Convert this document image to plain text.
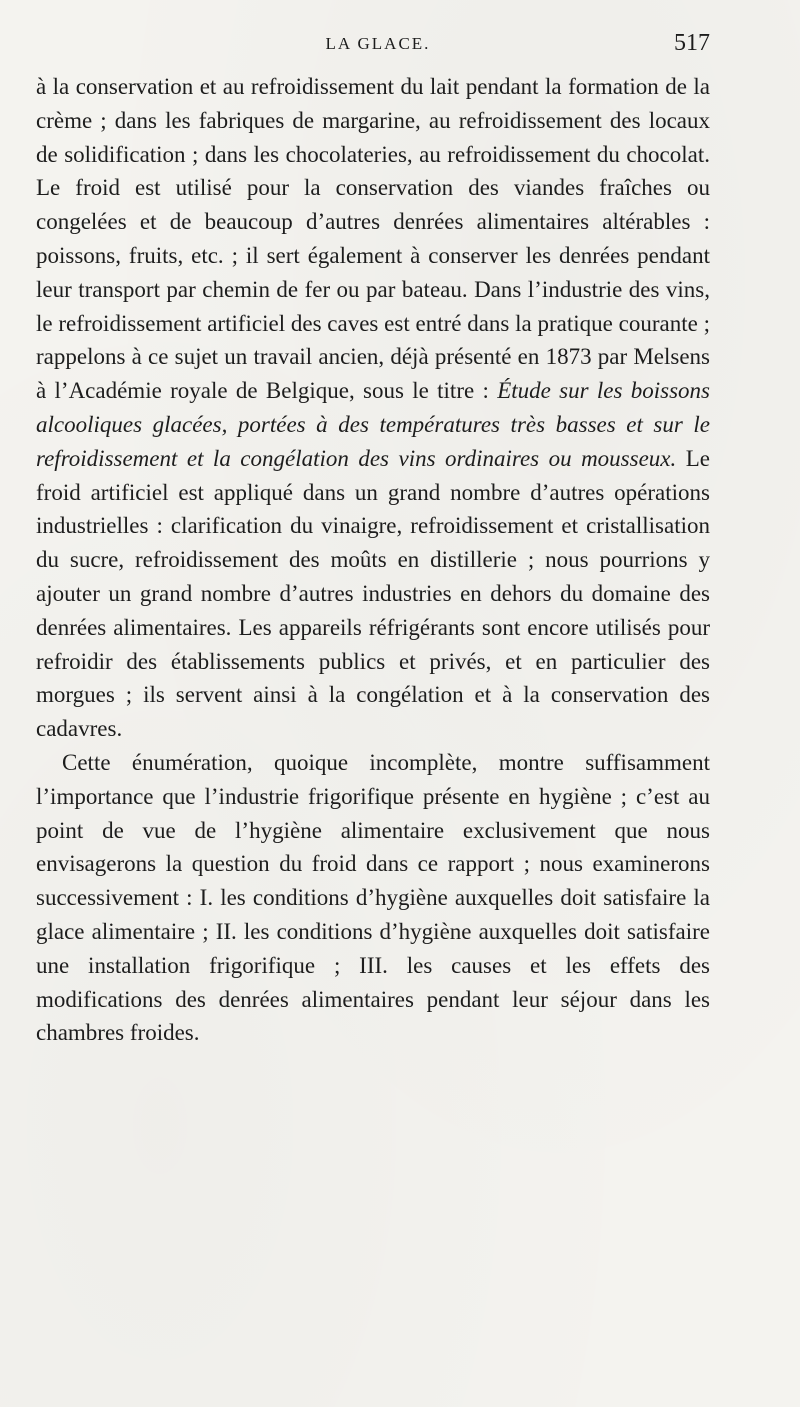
LA GLACE.	517

à la conservation et au refroidissement du lait pendant la formation de la crème ; dans les fabriques de margarine, au refroidissement des locaux de solidification ; dans les chocolateries, au refroidissement du chocolat. Le froid est utilisé pour la conservation des viandes fraîches ou congelées et de beaucoup d’autres denrées alimentaires altérables : poissons, fruits, etc. ; il sert également à conserver les denrées pendant leur transport par chemin de fer ou par bateau. Dans l’industrie des vins, le refroidissement artificiel des caves est entré dans la pratique courante ; rappelons à ce sujet un travail ancien, déjà présenté en 1873 par Melsens à l’Académie royale de Belgique, sous le titre : Étude sur les boissons alcooliques glacées, portées à des températures très basses et sur le refroidissement et la congélation des vins ordinaires ou mousseux. Le froid artificiel est appliqué dans un grand nombre d’autres opérations industrielles : clarification du vinaigre, refroidissement et cristallisation du sucre, refroidissement des moûts en distillerie ; nous pourrions y ajouter un grand nombre d’autres industries en dehors du domaine des denrées alimentaires. Les appareils réfrigérants sont encore utilisés pour refroidir des établissements publics et privés, et en particulier des morgues ; ils servent ainsi à la congélation et à la conservation des cadavres.

Cette énumération, quoique incomplète, montre suffisamment l’importance que l’industrie frigorifique présente en hygiène ; c’est au point de vue de l’hygiène alimentaire exclusivement que nous envisagerons la question du froid dans ce rapport ; nous examinerons successivement : I. les conditions d’hygiène auxquelles doit satisfaire la glace alimentaire ; II. les conditions d’hygiène auxquelles doit satisfaire une installation frigorifique ; III. les causes et les effets des modifications des denrées alimentaires pendant leur séjour dans les chambres froides.
